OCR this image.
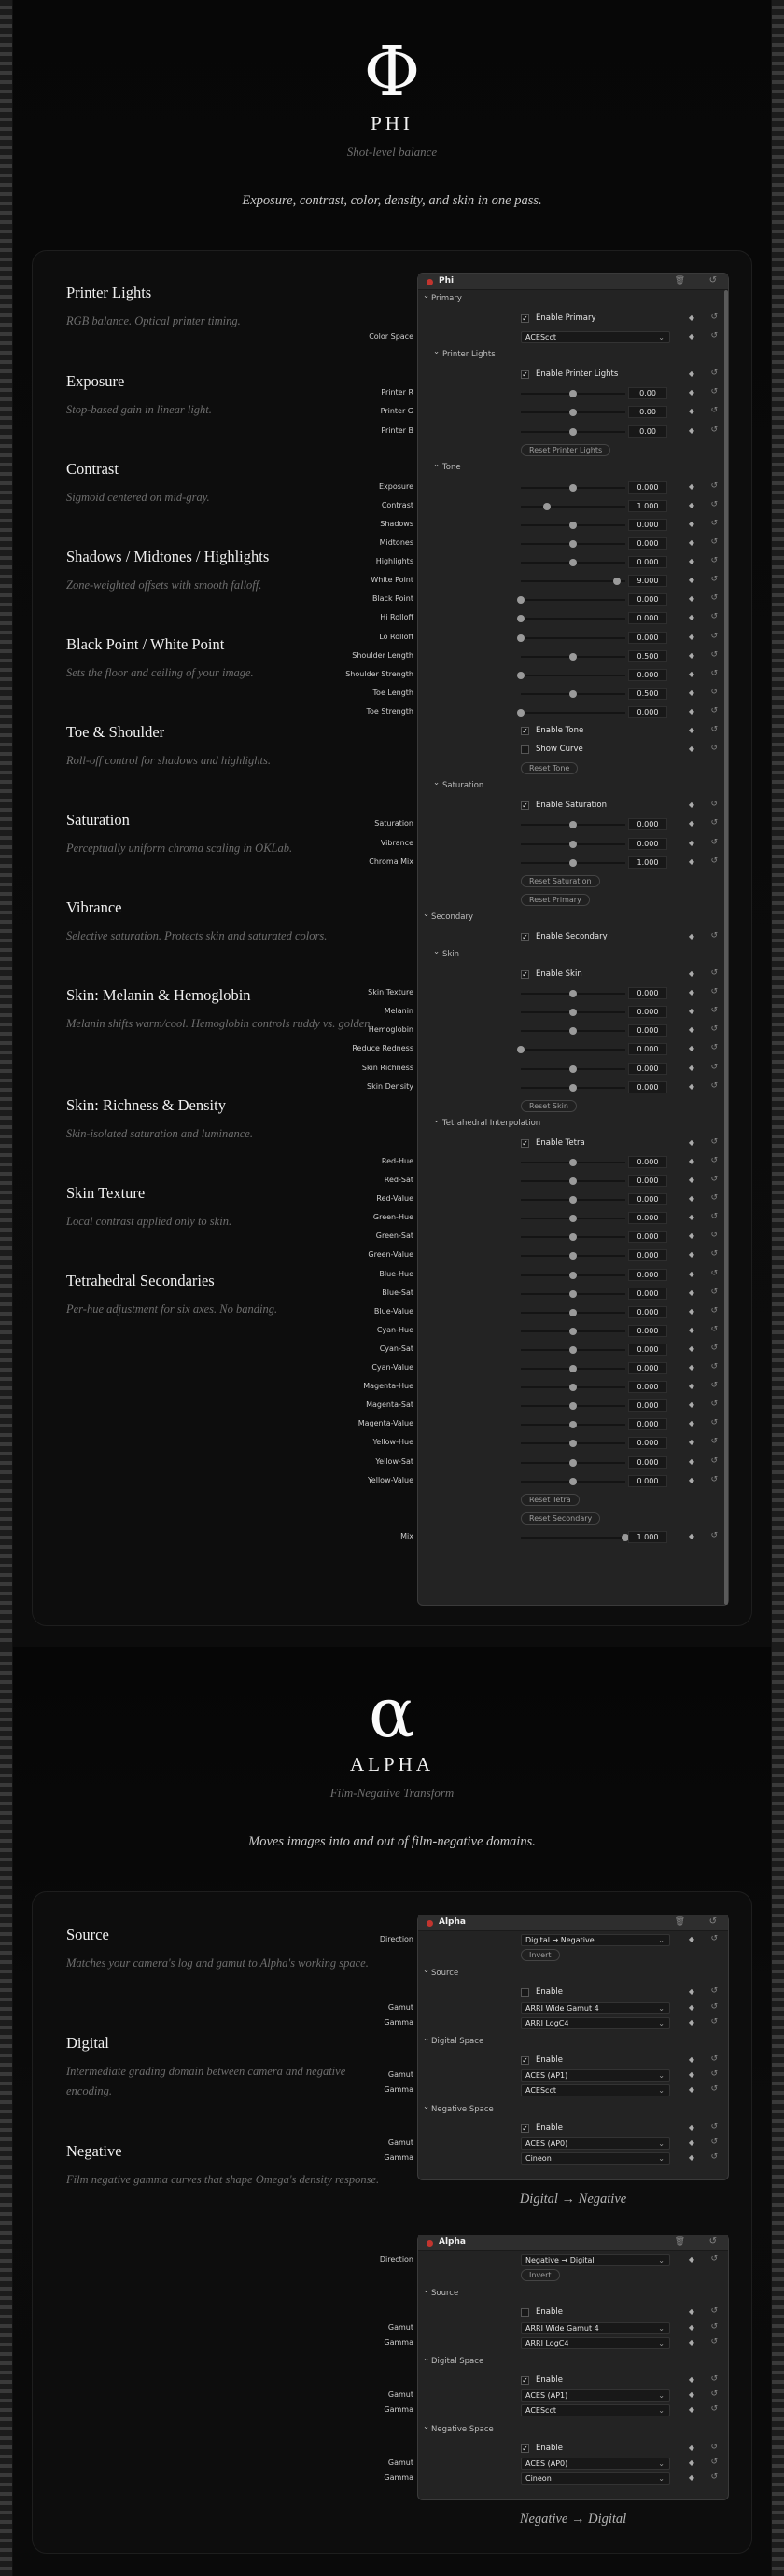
Φ
PHI
Shot-level balance
Exposure, contrast, color, density, and skin in one pass.
Printer Lights
RGB balance. Optical printer timing.
Exposure
Stop-based gain in linear light.
Contrast
Sigmoid centered on mid-gray.
Shadows / Midtones / Highlights
Zone-weighted offsets with smooth falloff.
Black Point / White Point
Sets the floor and ceiling of your image.
Toe & Shoulder
Roll-off control for shadows and highlights.
Saturation
Perceptually uniform chroma scaling in OKLab.
Vibrance
Selective saturation. Protects skin and saturated colors.
Skin: Melanin & Hemoglobin
Melanin shifts warm/cool. Hemoglobin controls ruddy vs. golden.
Skin: Richness & Density
Skin-isolated saturation and luminance.
Skin Texture
Local contrast applied only to skin.
Tetrahedral Secondaries
Per-hue adjustment for six axes. No banding.
Phi	🗑	↺
⌄ Primary
✓ Enable Primary	◆ ↺
Color Space	ACEScct	⌄	◆ ↺
⌄ Printer Lights
✓ Enable Printer Lights	◆ ↺
Printer R	0.00	◆ ↺
Printer G	0.00	◆ ↺
Printer B	0.00	◆ ↺
Reset Printer Lights
⌄ Tone
Exposure	0.000	◆ ↺
Contrast	1.000	◆ ↺
Shadows	0.000	◆ ↺
Midtones	0.000	◆ ↺
Highlights	0.000	◆ ↺
White Point	9.000	◆ ↺
Black Point	0.000	◆ ↺
Hi Rolloff	0.000	◆ ↺
Lo Rolloff	0.000	◆ ↺
Shoulder Length	0.500	◆ ↺
Shoulder Strength	0.000	◆ ↺
Toe Length	0.500	◆ ↺
Toe Strength	0.000	◆ ↺
✓ Enable Tone	◆ ↺
Show Curve	◆ ↺
Reset Tone
⌄ Saturation
✓ Enable Saturation	◆ ↺
Saturation	0.000	◆ ↺
Vibrance	0.000	◆ ↺
Chroma Mix	1.000	◆ ↺
Reset Saturation
Reset Primary
⌄ Secondary
✓ Enable Secondary	◆ ↺
⌄ Skin
✓ Enable Skin	◆ ↺
Skin Texture	0.000	◆ ↺
Melanin	0.000	◆ ↺
Hemoglobin	0.000	◆ ↺
Reduce Redness	0.000	◆ ↺
Skin Richness	0.000	◆ ↺
Skin Density	0.000	◆ ↺
Reset Skin
⌄ Tetrahedral Interpolation
✓ Enable Tetra	◆ ↺
Red-Hue	0.000	◆ ↺
Red-Sat	0.000	◆ ↺
Red-Value	0.000	◆ ↺
Green-Hue	0.000	◆ ↺
Green-Sat	0.000	◆ ↺
Green-Value	0.000	◆ ↺
Blue-Hue	0.000	◆ ↺
Blue-Sat	0.000	◆ ↺
Blue-Value	0.000	◆ ↺
Cyan-Hue	0.000	◆ ↺
Cyan-Sat	0.000	◆ ↺
Cyan-Value	0.000	◆ ↺
Magenta-Hue	0.000	◆ ↺
Magenta-Sat	0.000	◆ ↺
Magenta-Value	0.000	◆ ↺
Yellow-Hue	0.000	◆ ↺
Yellow-Sat	0.000	◆ ↺
Yellow-Value	0.000	◆ ↺
Reset Tetra
Reset Secondary
Mix	1.000	◆ ↺
α
ALPHA
Film-Negative Transform
Moves images into and out of film-negative domains.
Source
Matches your camera's log and gamut to Alpha's working space.
Digital
Intermediate grading domain between camera and negative encoding.
Negative
Film negative gamma curves that shape Omega's density response.
Alpha	🗑	↺
Direction	Digital → Negative	⌄	◆ ↺
Invert
⌄ Source
Enable	◆ ↺
Gamut	ARRI Wide Gamut 4	⌄	◆ ↺
Gamma	ARRI LogC4	⌄	◆ ↺
⌄ Digital Space
✓ Enable	◆ ↺
Gamut	ACES (AP1)	⌄	◆ ↺
Gamma	ACEScct	⌄	◆ ↺
⌄ Negative Space
✓ Enable	◆ ↺
Gamut	ACES (AP0)	⌄	◆ ↺
Gamma	Cineon	⌄	◆ ↺
Digital → Negative
Alpha	🗑	↺
Direction	Negative → Digital	⌄	◆ ↺
Invert
⌄ Source
Enable	◆ ↺
Gamut	ARRI Wide Gamut 4	⌄	◆ ↺
Gamma	ARRI LogC4	⌄	◆ ↺
⌄ Digital Space
✓ Enable	◆ ↺
Gamut	ACES (AP1)	⌄	◆ ↺
Gamma	ACEScct	⌄	◆ ↺
⌄ Negative Space
✓ Enable	◆ ↺
Gamut	ACES (AP0)	⌄	◆ ↺
Gamma	Cineon	⌄	◆ ↺
Negative → Digital
